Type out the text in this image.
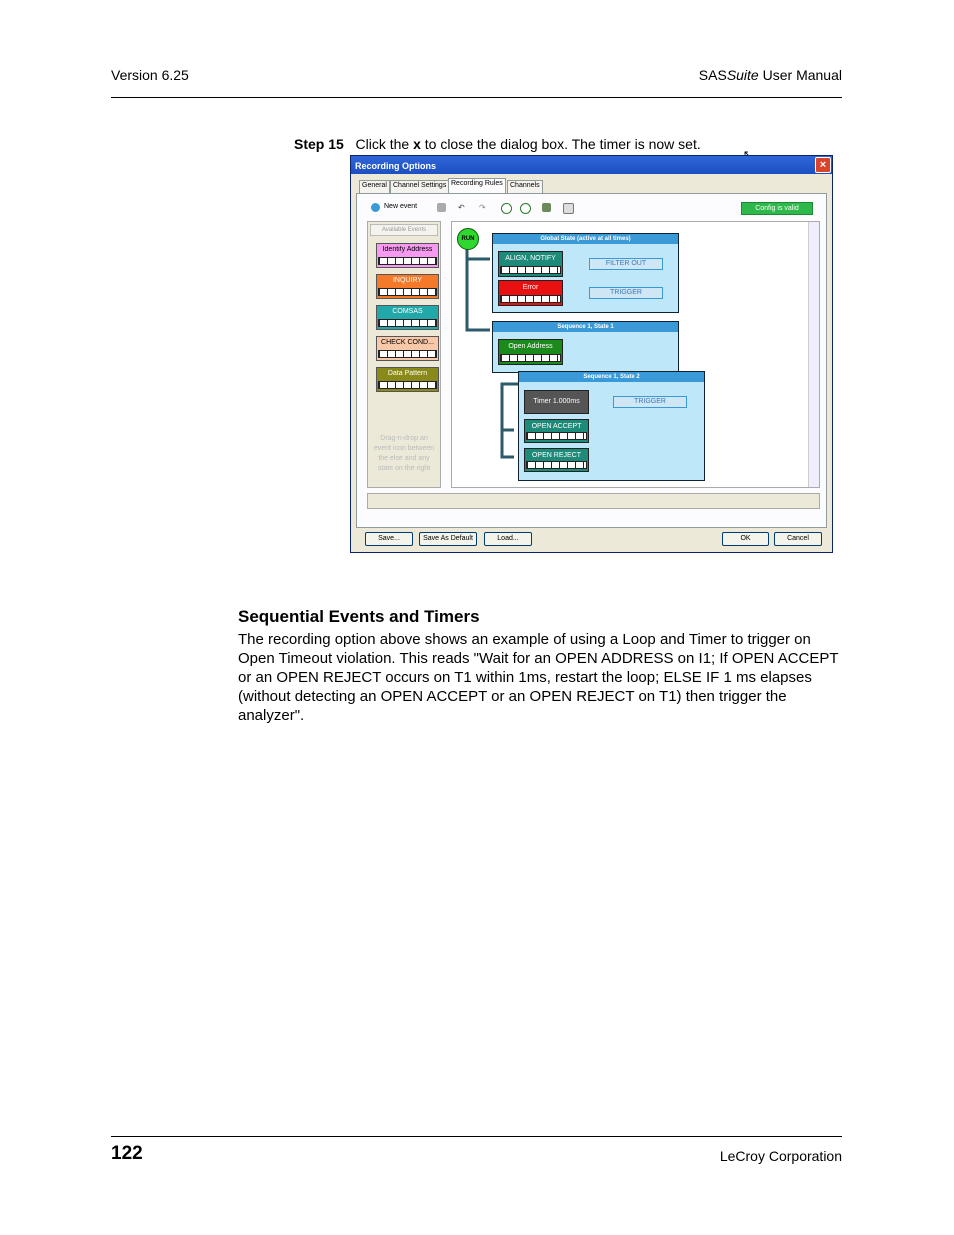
Version 6.25	SASSuite User Manual
Step 15 Click the x to close the dialog box. The timer is now set.
Recording Options	×
General Channel Settings Recording Rules	Channels
New event	↶ ↷	Config is valid
Available Events
Identify Address
INQUIRY
COMSAS
CHECK COND...
Data Pattern
Drag-n-drop an event icon between the else and any state on the right
RUN	Global State (active at all times)
ALIGN, NOTIFY
Error
FILTER OUT
TRIGGER
Sequence 1, State 1
Open Address
Sequence 1, State 2
Timer 1.000ms	TRIGGER
OPEN ACCEPT
OPEN REJECT
Save...	Save As Default	Load...	OK	Cancel
Sequential Events and Timers
The recording option above shows an example of using a Loop and Timer to trigger on Open Timeout violation. This reads "Wait for an OPEN ADDRESS on I1; If OPEN ACCEPT or an OPEN REJECT occurs on T1 within 1ms, restart the loop; ELSE IF 1 ms elapses (without detecting an OPEN ACCEPT or an OPEN REJECT on T1) then trigger the analyzer".
122	LeCroy Corporation
